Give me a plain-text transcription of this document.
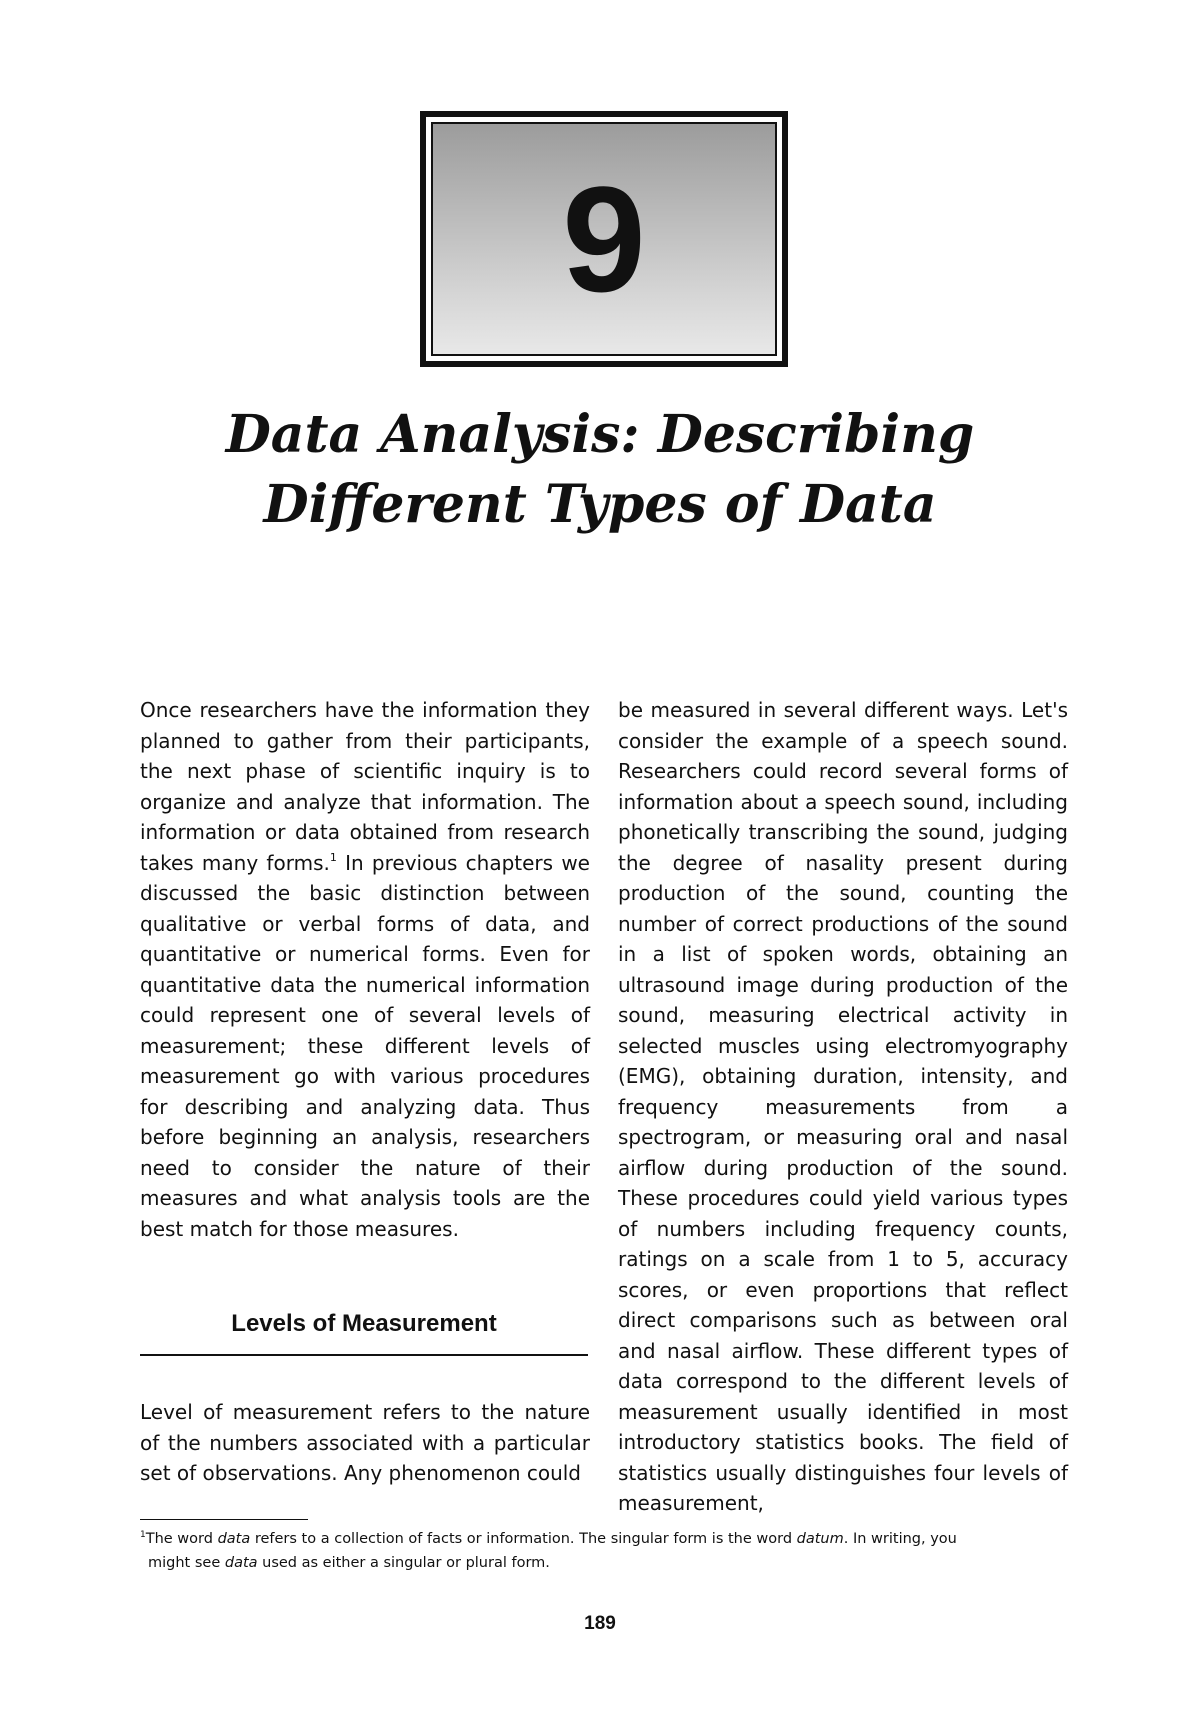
9
Data Analysis: Describing
Different Types of Data

Once researchers have the information they planned to gather from their participants, the next phase of scientific inquiry is to organize and analyze that information. The information or data obtained from research takes many forms.$^1$ In previous chapters we discussed the basic distinction between qualitative or verbal forms of data, and quantitative or numerical forms. Even for quantitative data the numerical information could represent one of several levels of measurement; these different levels of measurement go with various procedures for describing and analyzing data. Thus before beginning an analysis, researchers need to consider the nature of their measures and what analysis tools are the best match for those measures.

Levels of Measurement

Level of measurement refers to the nature of the numbers associated with a particular set of observations. Any phenomenon could

be measured in several different ways. Let's consider the example of a speech sound. Researchers could record several forms of information about a speech sound, including phonetically transcribing the sound, judging the degree of nasality present during production of the sound, counting the number of correct productions of the sound in a list of spoken words, obtaining an ultrasound image during production of the sound, measuring electrical activity in selected muscles using electromyography (EMG), obtaining duration, intensity, and frequency measurements from a spectrogram, or measuring oral and nasal airflow during production of the sound. These procedures could yield various types of numbers including frequency counts, ratings on a scale from 1 to 5, accuracy scores, or even proportions that reflect direct comparisons such as between oral and nasal airflow. These different types of data correspond to the different levels of measurement usually identified in most introductory statistics books. The field of statistics usually distinguishes four levels of measurement,

$^1$The word data refers to a collection of facts or information. The singular form is the word datum. In writing, you
might see data used as either a singular or plural form.
189
